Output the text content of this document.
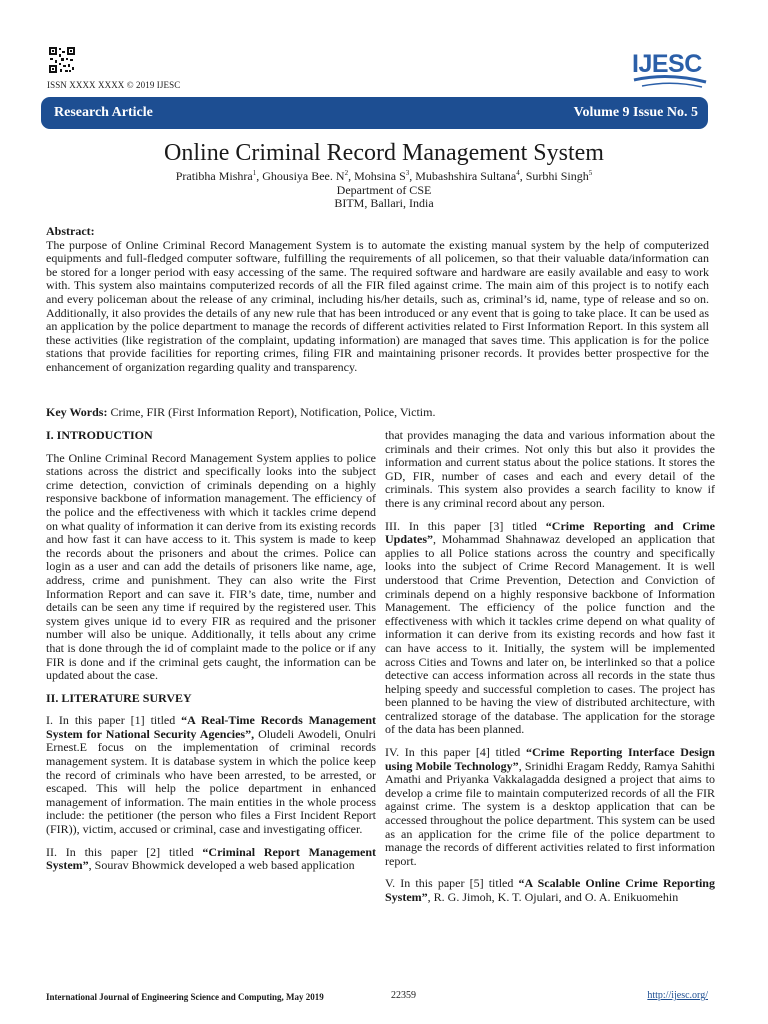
ISSN XXXX XXXX © 2019 IJESC
IJESC
Research Article	Volume 9 Issue No. 5
Online Criminal Record Management System
Pratibha Mishra$^1$, Ghousiya Bee. $N^2$, Mohsina $S^3$, Mubashshira Sultana$^4$, Surbhi Singh$^5$
Department of CSE
BITM, Ballari, India
Abstract:
The purpose of Online Criminal Record Management System is to automate the existing manual system by the help of computerized equipments and full-fledged computer software, fulfilling the requirements of all policemen, so that their valuable data/information can be stored for a longer period with easy accessing of the same. The required software and hardware are easily available and easy to work with. This system also maintains computerized records of all the FIR filed against crime. The main aim of this project is to notify each and every policeman about the release of any criminal, including his/her details, such as, criminal’s id, name, type of release and so on. Additionally, it also provides the details of any new rule that has been introduced or any event that is going to take place. It can be used as an application by the police department to manage the records of different activities related to First Information Report. In this system all these activities (like registration of the complaint, updating information) are managed that saves time. This application is for the police stations that provide facilities for reporting crimes, filing FIR and maintaining prisoner records. It provides better prospective for the enhancement of organization regarding quality and transparency.
Key Words: Crime, FIR (First Information Report), Notification, Police, Victim.
I. INTRODUCTION

The Online Criminal Record Management System applies to police stations across the district and specifically looks into the subject crime detection, conviction of criminals depending on a highly responsive backbone of information management. The efficiency of the police and the effectiveness with which it tackles crime depend on what quality of information it can derive from its existing records and how fast it can have access to it. This system is made to keep the records about the prisoners and about the crimes. Police can login as a user and can add the details of prisoners like name, age, address, crime and punishment. They can also write the First Information Report and can save it. FIR’s date, time, number and details can be seen any time if required by the registered user. This system gives unique id to every FIR as required and the prisoner number will also be unique. Additionally, it tells about any crime that is done through the id of complaint made to the police or if any FIR is done and if the criminal gets caught, the information can be updated about the case.

II. LITERATURE SURVEY

I. In this paper [1] titled “A Real-Time Records Management System for National Security Agencies”, Oludeli Awodeli, Onulri Ernest.E focus on the implementation of criminal records management system. It is database system in which the police keep the record of criminals who have been arrested, to be arrested, or escaped. This will help the police department in enhanced management of information. The main entities in the whole process include: the petitioner (the person who files a First Incident Report (FIR)), victim, accused or criminal, case and investigating officer.

II. In this paper [2] titled “Criminal Report Management System”, Sourav Bhowmick developed a web based application

that provides managing the data and various information about the criminals and their crimes. Not only this but also it provides the information and current status about the police stations. It stores the GD, FIR, number of cases and each and every detail of the criminals. This system also provides a search facility to know if there is any criminal record about any person.

III. In this paper [3] titled “Crime Reporting and Crime Updates”, Mohammad Shahnawaz developed an application that applies to all Police stations across the country and specifically looks into the subject of Crime Record Management. It is well understood that Crime Prevention, Detection and Conviction of criminals depend on a highly responsive backbone of Information Management. The efficiency of the police function and the effectiveness with which it tackles crime depend on what quality of information it can derive from its existing records and how fast it can have access to it. Initially, the system will be implemented across Cities and Towns and later on, be interlinked so that a police detective can access information across all records in the state thus helping speedy and successful completion to cases. The project has been planned to be having the view of distributed architecture, with centralized storage of the database. The application for the storage of the data has been planned.

IV. In this paper [4] titled “Crime Reporting Interface Design using Mobile Technology”, Srinidhi Eragam Reddy, Ramya Sahithi Amathi and Priyanka Vakkalagadda designed a project that aims to develop a crime file to maintain computerized records of all the FIR against crime. The system is a desktop application that can be accessed throughout the police department. This system can be used as an application for the crime file of the police department to manage the records of different activities related to first information report.

V. In this paper [5] titled “A Scalable Online Crime Reporting System”, R. G. Jimoh, K. T. Ojulari, and O. A. Enikuomehin

International Journal of Engineering Science and Computing, May 2019	22359	http://ijesc.org/
